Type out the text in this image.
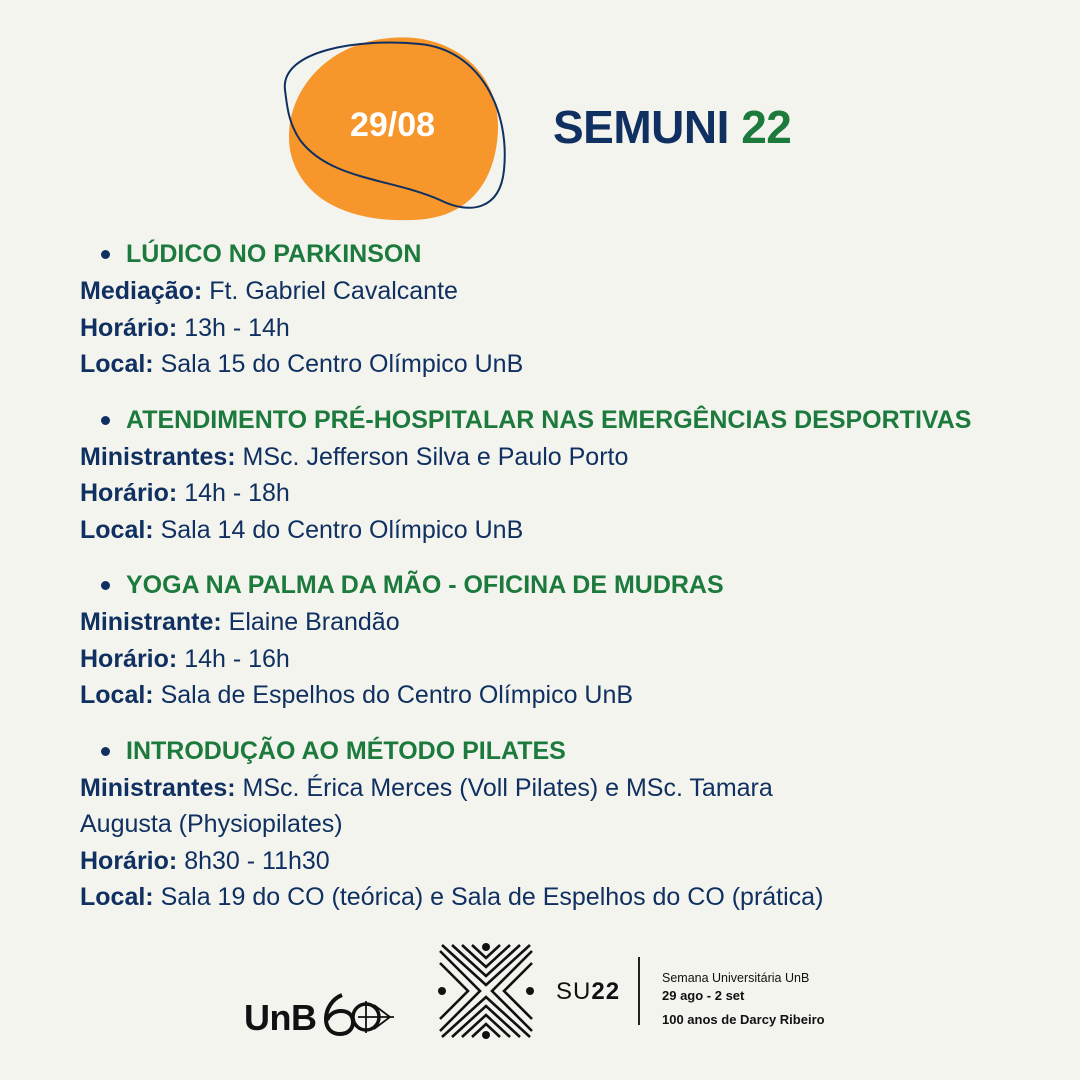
29/08	SEMUNI 22
LÚDICO NO PARKINSON
Mediação: Ft. Gabriel Cavalcante
Horário: 13h - 14h
Local: Sala 15 do Centro Olímpico UnB
ATENDIMENTO PRÉ-HOSPITALAR NAS EMERGÊNCIAS DESPORTIVAS
Ministrantes: MSc. Jefferson Silva e Paulo Porto
Horário: 14h - 18h
Local: Sala 14 do Centro Olímpico UnB
YOGA NA PALMA DA MÃO - OFICINA DE MUDRAS
Ministrante: Elaine Brandão
Horário: 14h - 16h
Local: Sala de Espelhos do Centro Olímpico UnB
INTRODUÇÃO AO MÉTODO PILATES
Ministrantes: MSc. Érica Merces (Voll Pilates) e MSc. Tamara
Augusta (Physiopilates)
Horário: 8h30 - 11h30
Local: Sala 19 do CO (teórica) e Sala de Espelhos do CO (prática)
UnB
SU22	Semana Universitária UnB
29 ago - 2 set
100 anos de Darcy Ribeiro
